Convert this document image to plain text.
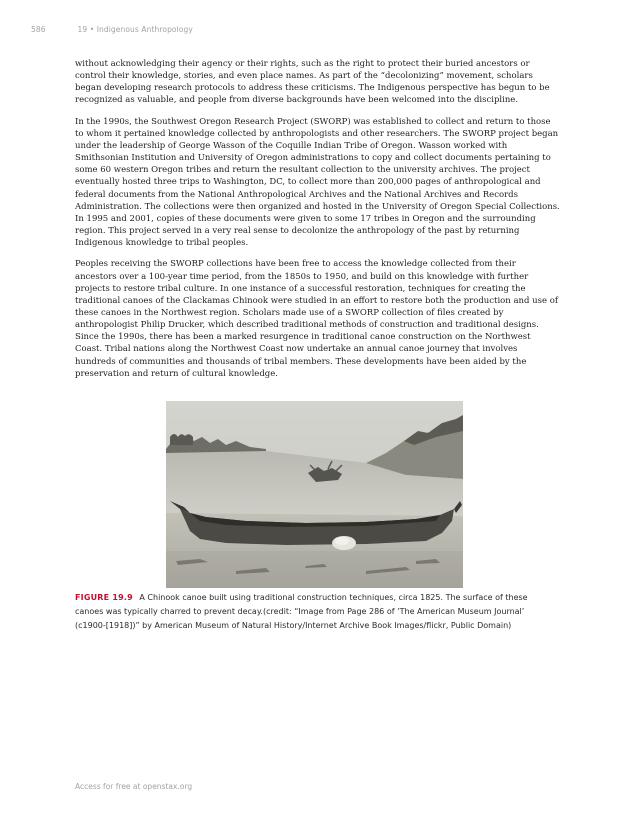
586	19 • Indigenous Anthropology

without acknowledging their agency or their rights, such as the right to protect their buried ancestors or control their knowledge, stories, and even place names. As part of the “decolonizing” movement, scholars began developing research protocols to address these criticisms. The Indigenous perspective has begun to be recognized as valuable, and people from diverse backgrounds have been welcomed into the discipline.

In the 1990s, the Southwest Oregon Research Project (SWORP) was established to collect and return to those to whom it pertained knowledge collected by anthropologists and other researchers. The SWORP project began under the leadership of George Wasson of the Coquille Indian Tribe of Oregon. Wasson worked with Smithsonian Institution and University of Oregon administrations to copy and collect documents pertaining to some 60 western Oregon tribes and return the resultant collection to the university archives. The project eventually hosted three trips to Washington, DC, to collect more than 200,000 pages of anthropological and federal documents from the National Anthropological Archives and the National Archives and Records Administration. The collections were then organized and hosted in the University of Oregon Special Collections. In 1995 and 2001, copies of these documents were given to some 17 tribes in Oregon and the surrounding region. This project served in a very real sense to decolonize the anthropology of the past by returning Indigenous knowledge to tribal peoples.

Peoples receiving the SWORP collections have been free to access the knowledge collected from their ancestors over a 100-year time period, from the 1850s to 1950, and build on this knowledge with further projects to restore tribal culture. In one instance of a successful restoration, techniques for creating the traditional canoes of the Clackamas Chinook were studied in an effort to restore both the production and use of these canoes in the Northwest region. Scholars made use of a SWORP collection of files created by anthropologist Philip Drucker, which described traditional methods of construction and traditional designs. Since the 1990s, there has been a marked resurgence in traditional canoe construction on the Northwest Coast. Tribal nations along the Northwest Coast now undertake an annual canoe journey that involves hundreds of communities and thousands of tribal members. These developments have been aided by the preservation and return of cultural knowledge.

FIGURE 19.9 A Chinook canoe built using traditional construction techniques, circa 1825. The surface of these canoes was typically charred to prevent decay.(credit: “Image from Page 286 of ‘The American Museum Journal’ (c1900-[1918])” by American Museum of Natural History/Internet Archive Book Images/flickr, Public Domain)
Access for free at openstax.org
